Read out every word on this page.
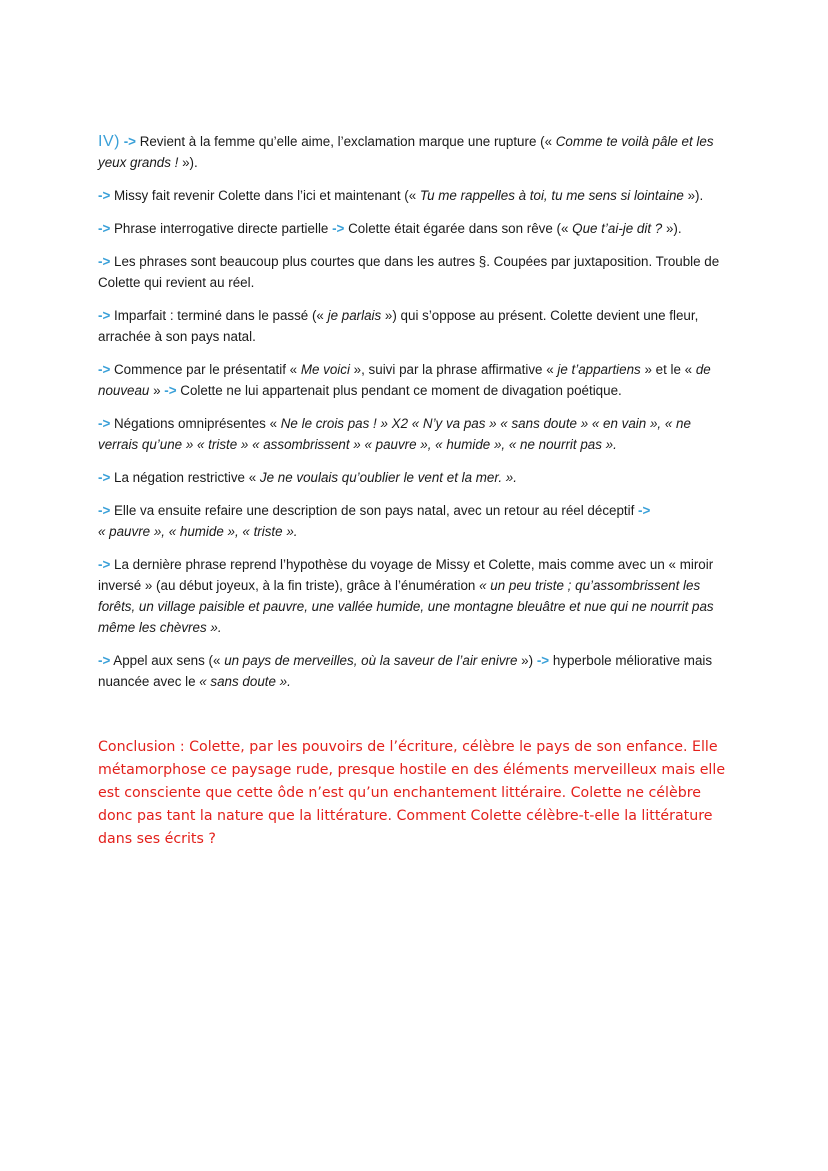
IV) -> Revient à la femme qu’elle aime, l’exclamation marque une rupture (« Comme te voilà pâle et les yeux grands ! »).

-> Missy fait revenir Colette dans l’ici et maintenant (« Tu me rappelles à toi, tu me sens si lointaine »).

-> Phrase interrogative directe partielle -> Colette était égarée dans son rêve (« Que t’ai-je dit ? »).

-> Les phrases sont beaucoup plus courtes que dans les autres §. Coupées par juxtaposition. Trouble de Colette qui revient au réel.

-> Imparfait : terminé dans le passé (« je parlais ») qui s’oppose au présent. Colette devient une fleur, arrachée à son pays natal.

-> Commence par le présentatif « Me voici », suivi par la phrase affirmative « je t’appartiens » et le « de nouveau » -> Colette ne lui appartenait plus pendant ce moment de divagation poétique.

-> Négations omniprésentes « Ne le crois pas ! » X2 « N’y va pas » « sans doute » « en vain », « ne verrais qu’une » « triste » « assombrissent » « pauvre », « humide », « ne nourrit pas ».

-> La négation restrictive « Je ne voulais qu’oublier le vent et la mer. ».

-> Elle va ensuite refaire une description de son pays natal, avec un retour au réel déceptif ->
« pauvre », « humide », « triste ».

-> La dernière phrase reprend l’hypothèse du voyage de Missy et Colette, mais comme avec un « miroir inversé » (au début joyeux, à la fin triste), grâce à l’énumération « un peu triste ; qu’assombrissent les forêts, un village paisible et pauvre, une vallée humide, une montagne bleuâtre et nue qui ne nourrit pas même les chèvres ».

-> Appel aux sens (« un pays de merveilles, où la saveur de l’air enivre ») -> hyperbole méliorative mais nuancée avec le « sans doute ».

Conclusion : Colette, par les pouvoirs de l’écriture, célèbre le pays de son enfance. Elle métamorphose ce paysage rude, presque hostile en des éléments merveilleux mais elle est consciente que cette ôde n’est qu’un enchantement littéraire. Colette ne célèbre donc pas tant la nature que la littérature. Comment Colette célèbre-t-elle la littérature dans ses écrits ?
